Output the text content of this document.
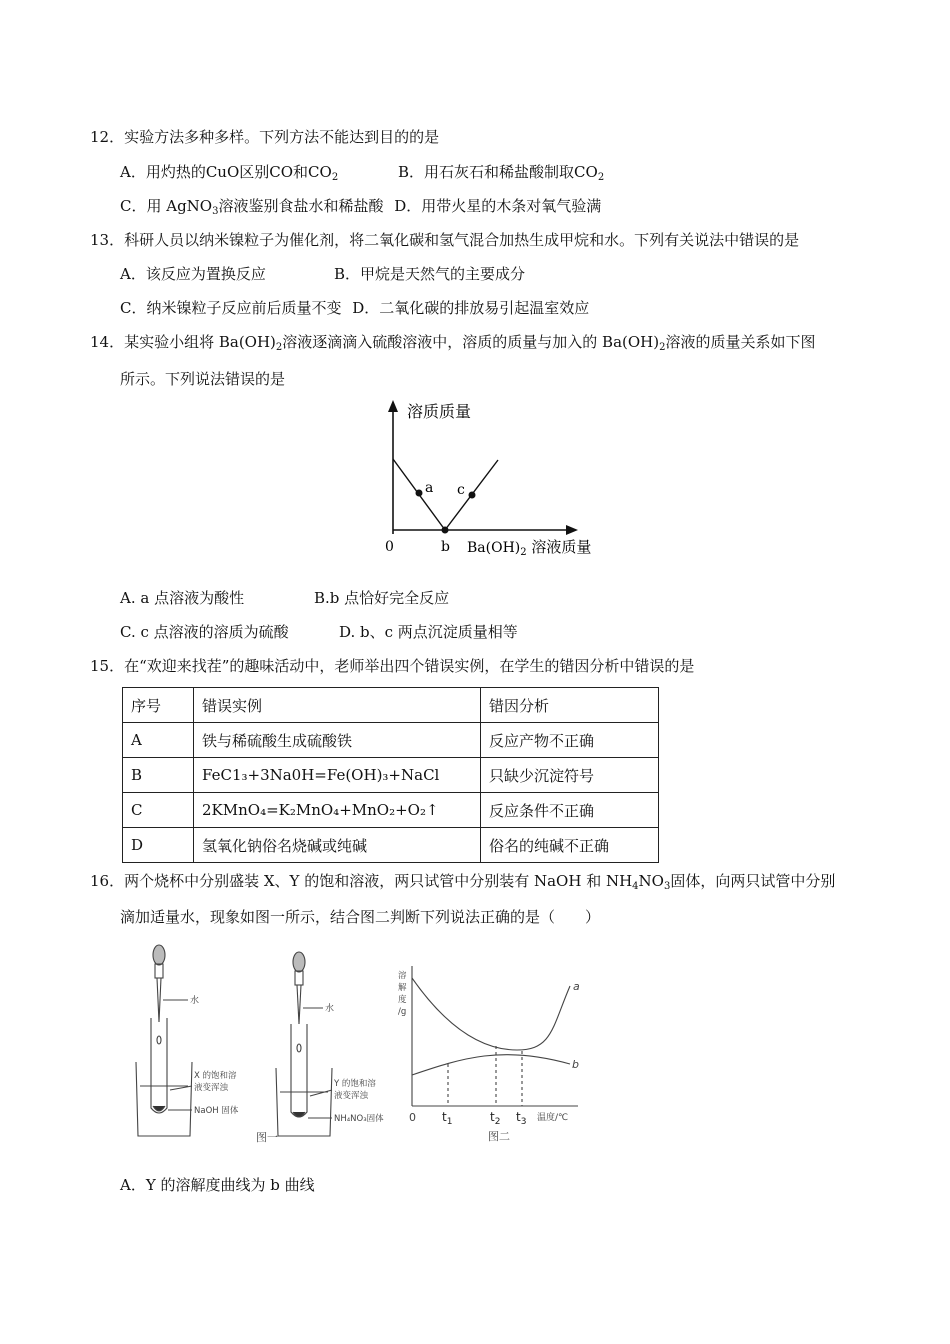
12．实验方法多种多样。下列方法不能达到目的的是
A．用灼热的CuO区别CO和$CO_2$	B．用石灰石和稀盐酸制取$CO_2$
C．用 AgNO$_3$溶液鉴别食盐水和稀盐酸 D．用带火星的木条对氧气验满
13．科研人员以纳米镍粒子为催化剂，将二氧化碳和氢气混合加热生成甲烷和水。下列有关说法中错误的是
A．该反应为置换反应	B．甲烷是天然气的主要成分
C．纳米镍粒子反应前后质量不变 D．二氧化碳的排放易引起温室效应
14．某实验小组将 $Ba(OH)_2$溶液逐滴滴入硫酸溶液中，溶质的质量与加入的 $Ba(OH)_2$溶液的质量关系如下图
所示。下列说法错误的是
溶质质量
0
a
b
c
$Ba(OH)_2$ 溶液质量
A. a 点溶液为酸性	B.b 点恰好完全反应
C. c 点溶液的溶质为硫酸	D. b、c 两点沉淀质量相等
15．在“欢迎来找茬”的趣味活动中，老师举出四个错误实例，在学生的错因分析中错误的是
序号	错误实例	错因分析
A	铁与稀硫酸生成硫酸铁	反应产物不正确
B	FeC1₃+3Na0H=Fe(OH)₃+NaCl	只缺少沉淀符号
C	2KMnO₄=K₂MnO₄+MnO₂+O₂↑	反应条件不正确
D	氢氧化钠俗名烧碱或纯碱	俗名的纯碱不正确
16．两个烧杯中分别盛装 X、Y 的饱和溶液，两只试管中分别装有 NaOH 和 $NH_4NO_3$固体，向两只试管中分别
滴加适量水，现象如图一所示，结合图二判断下列说法正确的是（　　）
水
水
X 的饱和溶
液变浑浊
NaOH 固体
Y 的饱和溶
液变浑浊
NH₄NO₃固体
图一
溶
解
度
/g
0 $t_1$	$t_2$ $t_3$ 温度/℃
a
b
图二
A．Y 的溶解度曲线为 b 曲线
